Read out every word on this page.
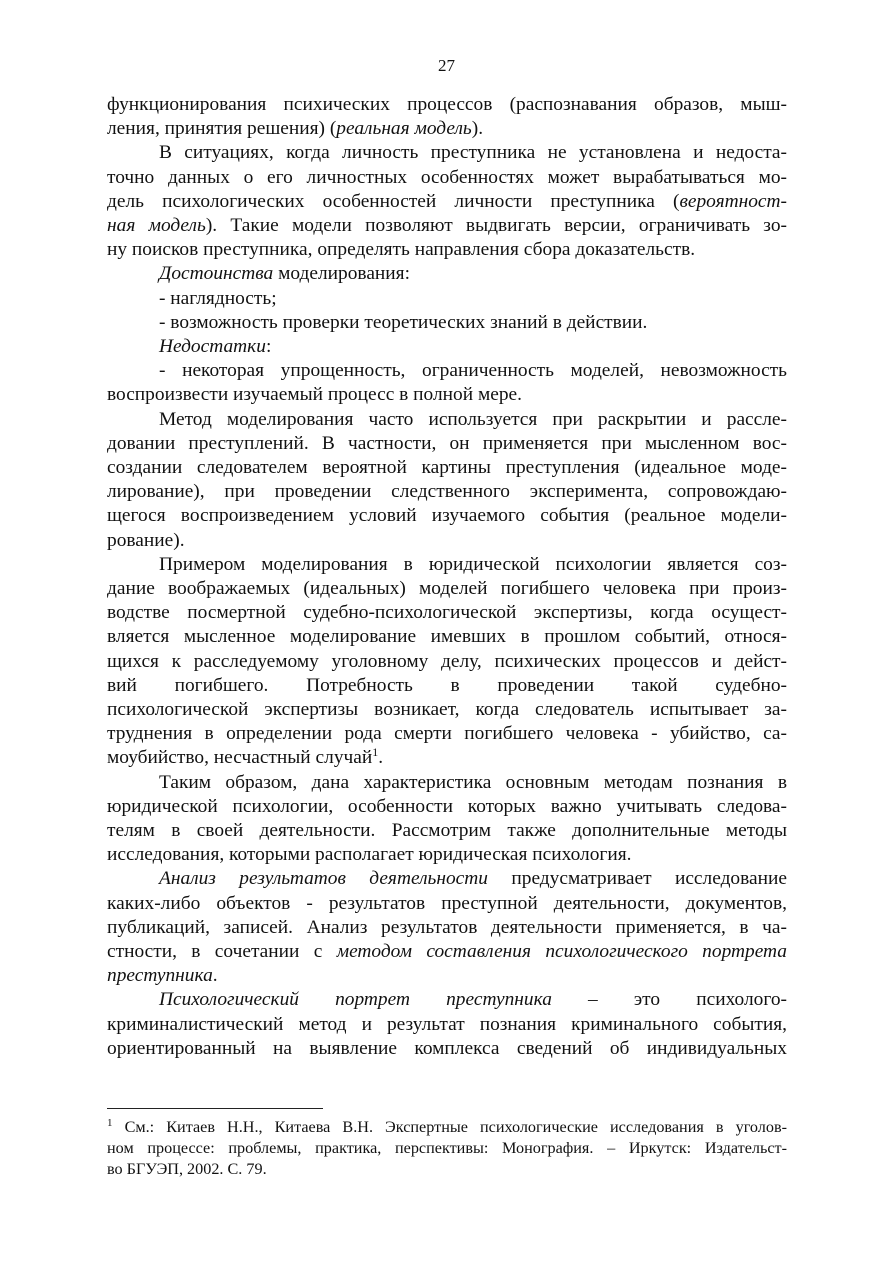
27
функционирования психических процессов (распознавания образов, мыш-
ления, принятия решения) (реальная модель).
В ситуациях, когда личность преступника не установлена и недоста-
точно данных о его личностных особенностях может вырабатываться мо-
дель психологических особенностей личности преступника (вероятност-
ная модель). Такие модели позволяют выдвигать версии, ограничивать зо-
ну поисков преступника, определять направления сбора доказательств.
Достоинства моделирования:
- наглядность;
- возможность проверки теоретических знаний в действии.
Недостатки:
- некоторая упрощенность, ограниченность моделей, невозможность
воспроизвести изучаемый процесс в полной мере.
Метод моделирования часто используется при раскрытии и рассле-
довании преступлений. В частности, он применяется при мысленном вос-
создании следователем вероятной картины преступления (идеальное моде-
лирование), при проведении следственного эксперимента, сопровождаю-
щегося воспроизведением условий изучаемого события (реальное модели-
рование).
Примером моделирования в юридической психологии является соз-
дание воображаемых (идеальных) моделей погибшего человека при произ-
водстве посмертной судебно-психологической экспертизы, когда осущест-
вляется мысленное моделирование имевших в прошлом событий, относя-
щихся к расследуемому уголовному делу, психических процессов и дейст-
вий погибшего. Потребность в проведении такой судебно-
психологической экспертизы возникает, когда следователь испытывает за-
труднения в определении рода смерти погибшего человека - убийство, са-
моубийство, несчастный случай$^1$.
Таким образом, дана характеристика основным методам познания в
юридической психологии, особенности которых важно учитывать следова-
телям в своей деятельности. Рассмотрим также дополнительные методы
исследования, которыми располагает юридическая психология.
Анализ результатов деятельности предусматривает исследование
каких-либо объектов - результатов преступной деятельности, документов,
публикаций, записей. Анализ результатов деятельности применяется, в ча-
стности, в сочетании с методом составления психологического портрета
преступника.
Психологический портрет преступника – это психолого-
криминалистический метод и результат познания криминального события,
ориентированный на выявление комплекса сведений об индивидуальных
$^1$ См.: Китаев Н.Н., Китаева В.Н. Экспертные психологические исследования в уголов-
ном процессе: проблемы, практика, перспективы: Монография. – Иркутск: Издательст-
во БГУЭП, 2002. С. 79.
